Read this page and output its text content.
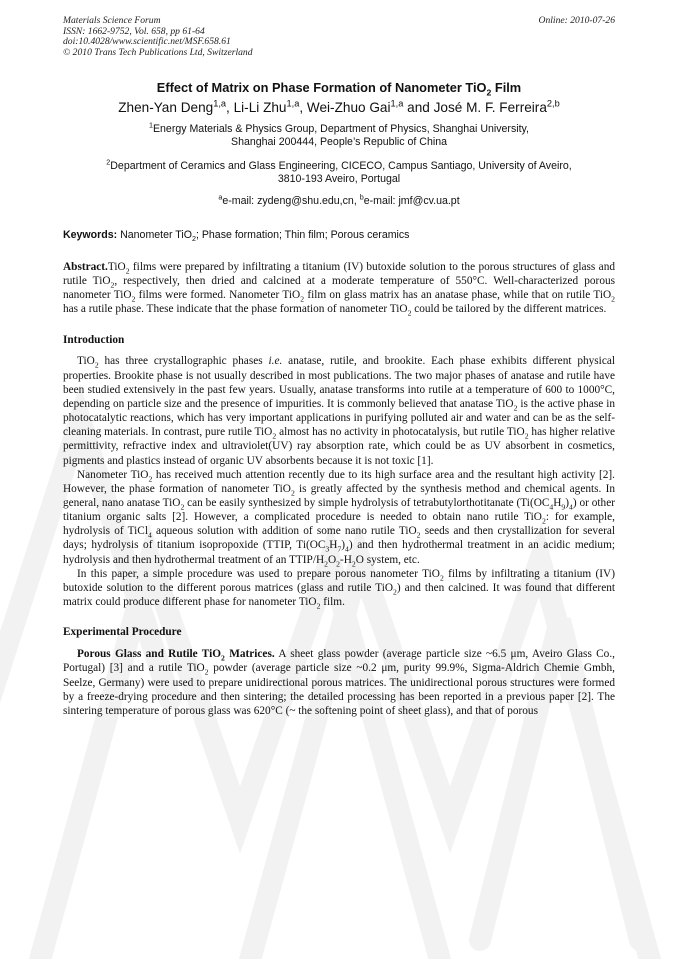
Materials Science Forum
ISSN: 1662-9752, Vol. 658, pp 61-64
doi:10.4028/www.scientific.net/MSF.658.61
© 2010 Trans Tech Publications Ltd, Switzerland
Online: 2010-07-26
Effect of Matrix on Phase Formation of Nanometer TiO$_2$ Film
Zhen-Yan Deng$^{1,a}$, Li-Li Zhu$^{1,a}$, Wei-Zhuo Gai$^{1,a}$ and José M. F. Ferreira$^{2,b}$
$^1$Energy Materials & Physics Group, Department of Physics, Shanghai University,
Shanghai 200444, People’s Republic of China
$^2$Department of Ceramics and Glass Engineering, CICECO, Campus Santiago, University of Aveiro,
3810-193 Aveiro, Portugal
$^a$e-mail: zydeng@shu.edu,cn, $^b$e-mail: jmf@cv.ua.pt
Keywords: Nanometer TiO$_2$; Phase formation; Thin film; Porous ceramics
Abstract.TiO$_2$ films were prepared by infiltrating a titanium (IV) butoxide solution to the porous structures of glass and rutile TiO$_2$, respectively, then dried and calcined at a moderate temperature of 550°C. Well-characterized porous nanometer TiO$_2$ films were formed. Nanometer TiO$_2$ film on glass matrix has an anatase phase, while that on rutile TiO$_2$ has a rutile phase. These indicate that the phase formation of nanometer TiO$_2$ could be tailored by the different matrices.
Introduction
TiO$_2$ has three crystallographic phases i.e. anatase, rutile, and brookite. Each phase exhibits different physical properties. Brookite phase is not usually described in most publications. The two major phases of anatase and rutile have been studied extensively in the past few years. Usually, anatase transforms into rutile at a temperature of 600 to 1000°C, depending on particle size and the presence of impurities. It is commonly believed that anatase TiO$_2$ is the active phase in photocatalytic reactions, which has very important applications in purifying polluted air and water and can be as the self-cleaning materials. In contrast, pure rutile TiO$_2$ almost has no activity in photocatalysis, but rutile TiO$_2$ has higher relative permittivity, refractive index and ultraviolet(UV) ray absorption rate, which could be as UV absorbent in cosmetics, pigments and plastics instead of organic UV absorbents because it is not toxic [1].
Nanometer TiO$_2$ has received much attention recently due to its high surface area and the resultant high activity [2]. However, the phase formation of nanometer TiO$_2$ is greatly affected by the synthesis method and chemical agents. In general, nano anatase TiO$_2$ can be easily synthesized by simple hydrolysis of tetrabutylorthotitanate $(Ti(OC_4H_9)_4)$ or other titanium organic salts [2]. However, a complicated procedure is needed to obtain nano rutile TiO$_2$: for example, hydrolysis of TiCl$_4$ aqueous solution with addition of some nano rutile TiO$_2$ seeds and then crystallization for several days; hydrolysis of titanium isopropoxide (TTIP, $Ti(OC_3H_7)_4$) and then hydrothermal treatment in an acidic medium; hydrolysis and then hydrothermal treatment of an TTIP/$H_2O_2-H_2O$ system, etc.
In this paper, a simple procedure was used to prepare porous nanometer TiO$_2$ films by infiltrating a titanium (IV) butoxide solution to the different porous matrices (glass and rutile TiO$_2$) and then calcined. It was found that different matrix could produce different phase for nanometer TiO$_2$ film.
Experimental Procedure
Porous Glass and Rutile TiO$_2$ Matrices. A sheet glass powder (average particle size ~6.5 μm, Aveiro Glass Co., Portugal) [3] and a rutile TiO$_2$ powder (average particle size ~0.2 μm, purity 99.9%, Sigma-Aldrich Chemie Gmbh, Seelze, Germany) were used to prepare unidirectional porous matrices. The unidirectional porous structures were formed by a freeze-drying procedure and then sintering; the detailed processing has been reported in a previous paper [2]. The sintering temperature of porous glass was 620°C (~ the softening point of sheet glass), and that of porous
